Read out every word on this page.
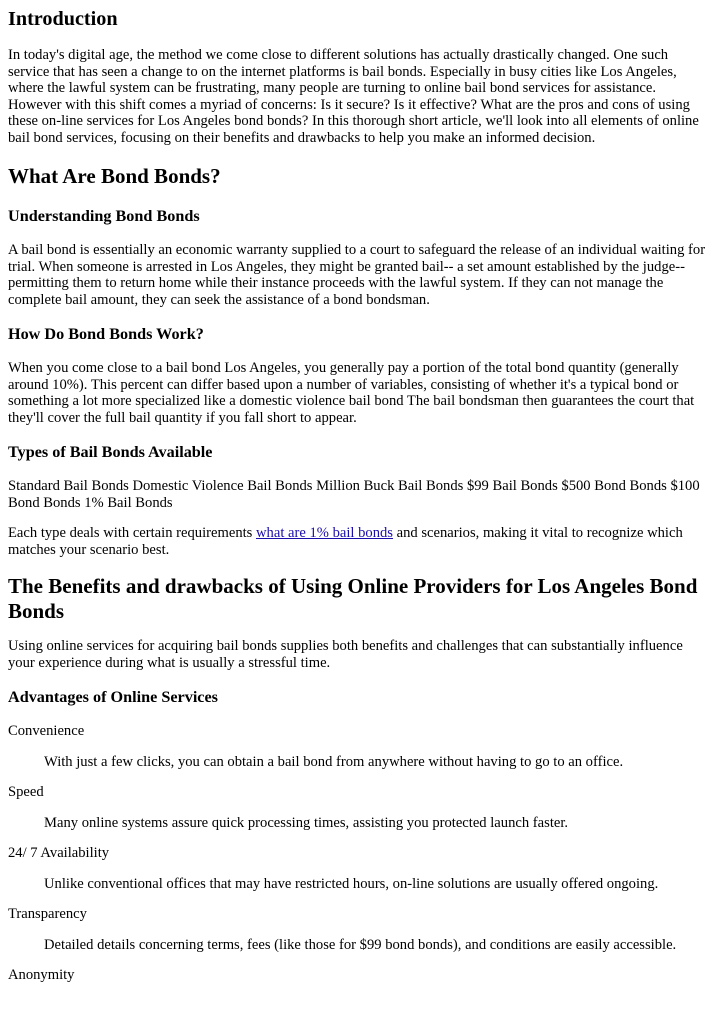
Introduction

In today's digital age, the method we come close to different solutions has actually drastically changed. One such service that has seen a change to on the internet platforms is bail bonds. Especially in busy cities like Los Angeles, where the lawful system can be frustrating, many people are turning to online bail bond services for assistance. However with this shift comes a myriad of concerns: Is it secure? Is it effective? What are the pros and cons of using these on-line services for Los Angeles bond bonds? In this thorough short article, we'll look into all elements of online bail bond services, focusing on their benefits and drawbacks to help you make an informed decision.

What Are Bond Bonds?
Understanding Bond Bonds

A bail bond is essentially an economic warranty supplied to a court to safeguard the release of an individual waiting for trial. When someone is arrested in Los Angeles, they might be granted bail-- a set amount established by the judge-- permitting them to return home while their instance proceeds with the lawful system. If they can not manage the complete bail amount, they can seek the assistance of a bond bondsman.

How Do Bond Bonds Work?

When you come close to a bail bond Los Angeles, you generally pay a portion of the total bond quantity (generally around 10%). This percent can differ based upon a number of variables, consisting of whether it's a typical bond or something a lot more specialized like a domestic violence bail bond The bail bondsman then guarantees the court that they'll cover the full bail quantity if you fall short to appear.

Types of Bail Bonds Available

Standard Bail Bonds Domestic Violence Bail Bonds Million Buck Bail Bonds $99 Bail Bonds $500 Bond Bonds $100 Bond Bonds 1% Bail Bonds

Each type deals with certain requirements what are 1% bail bonds and scenarios, making it vital to recognize which matches your scenario best.

The Benefits and drawbacks of Using Online Providers for Los Angeles Bond Bonds

Using online services for acquiring bail bonds supplies both benefits and challenges that can substantially influence your experience during what is usually a stressful time.

Advantages of Online Services
Convenience
With just a few clicks, you can obtain a bail bond from anywhere without having to go to an office.
Speed
Many online systems assure quick processing times, assisting you protected launch faster.
24/ 7 Availability
Unlike conventional offices that may have restricted hours, on-line solutions are usually offered ongoing.
Transparency
Detailed details concerning terms, fees (like those for $99 bond bonds), and conditions are easily accessible.
Anonymity
